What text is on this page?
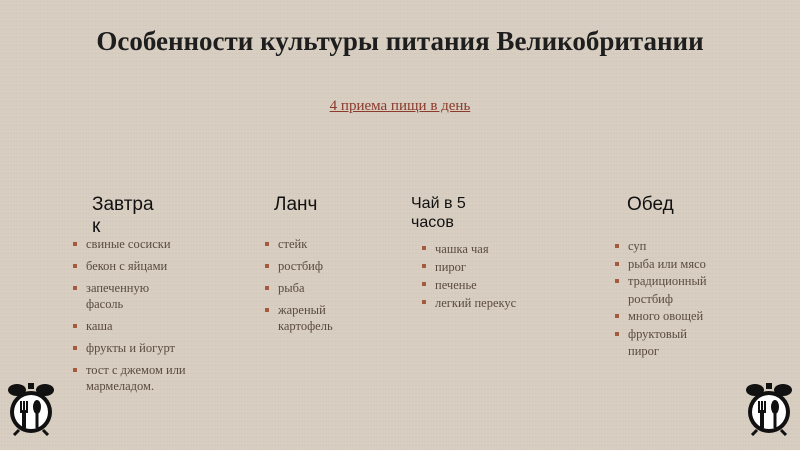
Особенности культуры питания Великобритании
4 приема пищи в день
Завтра
к
свиные сосиски
бекон с яйцами
запеченную фасоль
каша
фрукты и йогурт
тост с джемом или мармеладом.
Ланч
стейк
ростбиф
рыба
жареный картофель
Чай в 5
часов
чашка чая
пирог
печенье
легкий перекус
Обед
суп
рыба или мясо
традиционный ростбиф
много овощей
фруктовый пирог
